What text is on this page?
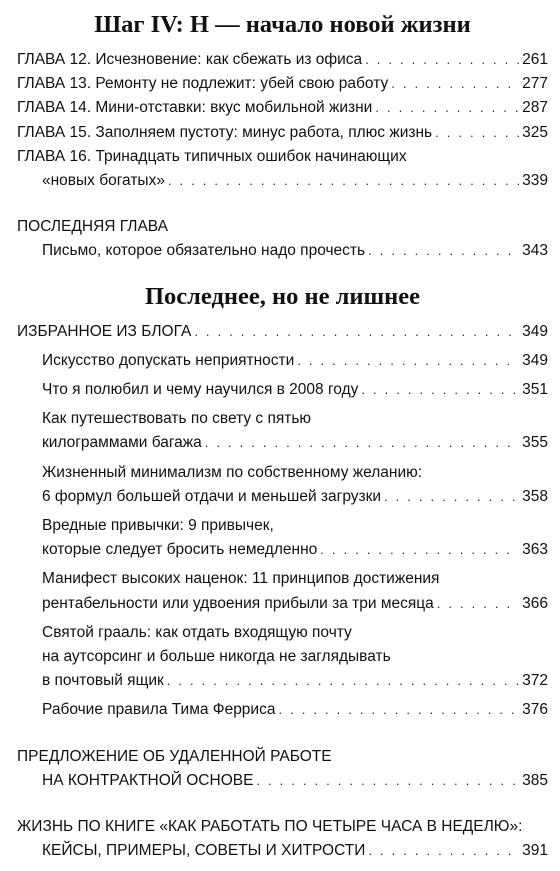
Шаг IV: Н — начало новой жизни
ГЛАВА 12. Исчезновение: как сбежать из офиса . . .	261
ГЛАВА 13. Ремонту не подлежит: убей свою работу . . .	277
ГЛАВА 14. Мини-отставки: вкус мобильной жизни . . .	287
ГЛАВА 15. Заполняем пустоту: минус работа, плюс жизнь . . .	325
ГЛАВА 16. Тринадцать типичных ошибок начинающих
«новых богатых» . . .	339
ПОСЛЕДНЯЯ ГЛАВА
Письмо, которое обязательно надо прочесть . . .	343
Последнее, но не лишнее
ИЗБРАННОЕ ИЗ БЛОГА . . .	349
Искусство допускать неприятности . . .	349
Что я полюбил и чему научился в 2008 году . . .	351
Как путешествовать по свету с пятью
килограммами багажа . . .	355
Жизненный минимализм по собственному желанию:
6 формул большей отдачи и меньшей загрузки . . .	358
Вредные привычки: 9 привычек,
которые следует бросить немедленно . . .	363
Манифест высоких наценок: 11 принципов достижения
рентабельности или удвоения прибыли за три месяца . . .	366
Святой грааль: как отдать входящую почту
на аутсорсинг и больше никогда не заглядывать
в почтовый ящик . . .	372
Рабочие правила Тима Ферриса . . .	376
ПРЕДЛОЖЕНИЕ ОБ УДАЛЕННОЙ РАБОТЕ
НА КОНТРАКТНОЙ ОСНОВЕ . . .	385
ЖИЗНЬ ПО КНИГЕ «КАК РАБОТАТЬ ПО ЧЕТЫРЕ ЧАСА В НЕДЕЛЮ»:
КЕЙСЫ, ПРИМЕРЫ, СОВЕТЫ И ХИТРОСТИ . . .	391
